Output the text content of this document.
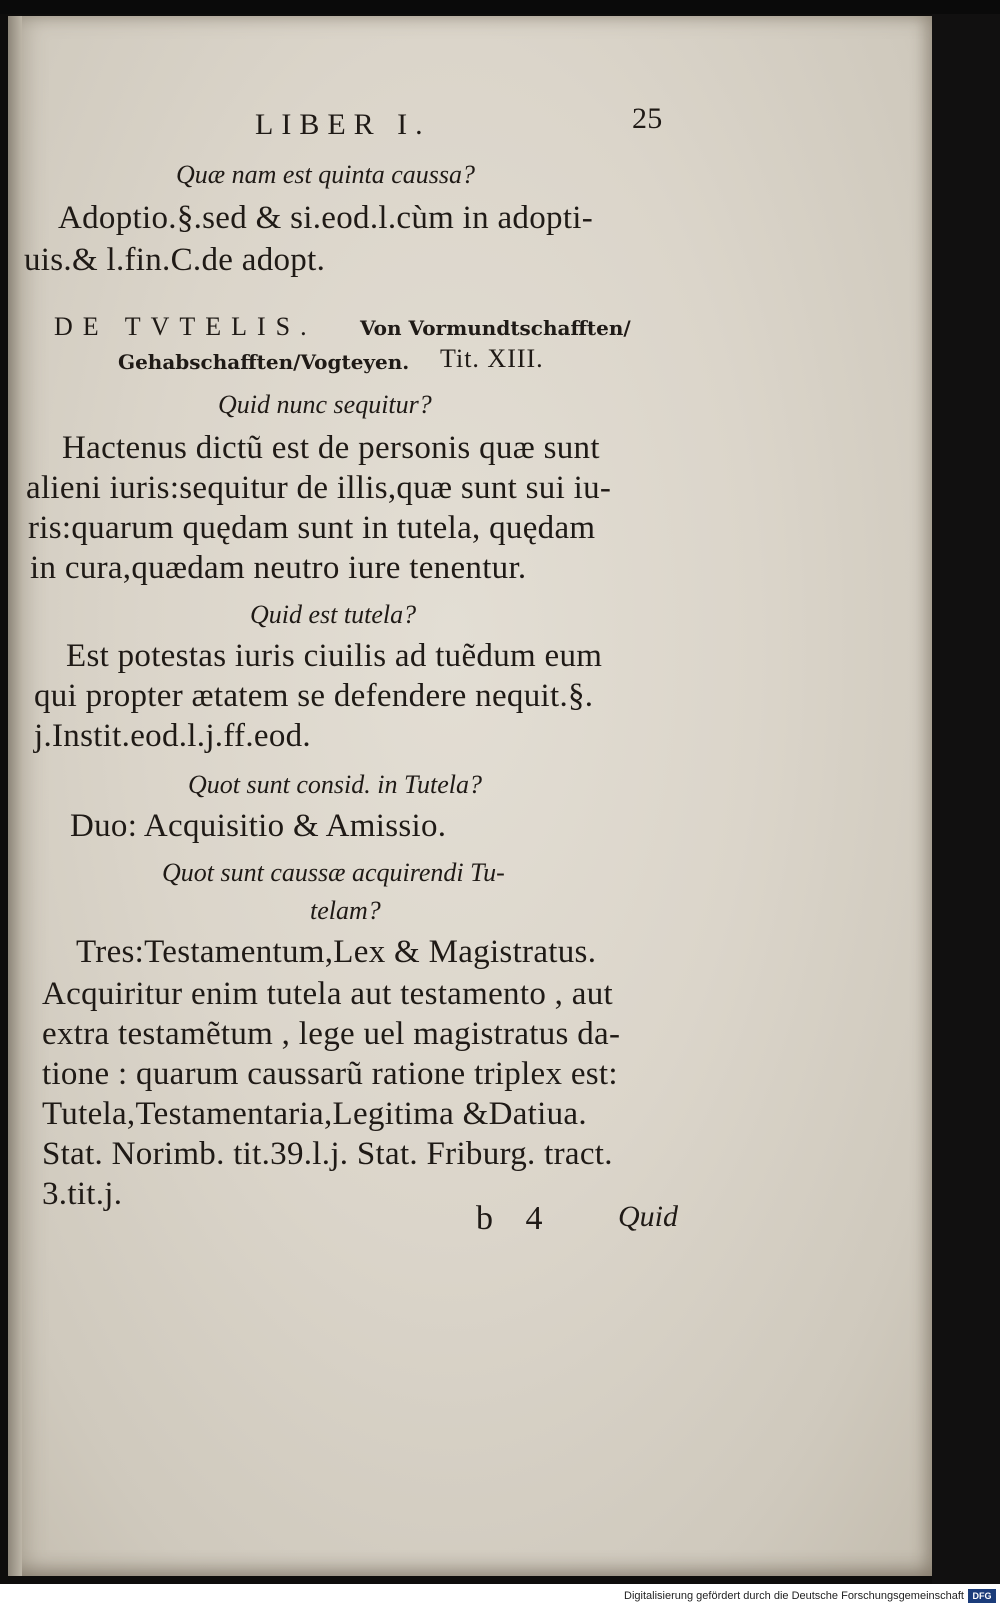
LIBER I.	25
Quæ nam est quinta caussa?
Adoptio.§.sed & si.eod.l.cùm in adopti-
uis.& l.fin.C.de adopt.
DE TVTELIS. Von Vormundtschafften/
Gehabschafften/Vogteyen. Tit. XIII.
Quid nunc sequitur?
Hactenus dictũ est de personis quæ sunt
alieni iuris:sequitur de illis,quæ sunt sui iu-
ris:quarum quędam sunt in tutela, quędam
in cura,quædam neutro iure tenentur.
Quid est tutela?
Est potestas iuris ciuilis ad tuẽdum eum
qui propter ætatem se defendere nequit.§.
j.Instit.eod.l.j.ff.eod.
Quot sunt consid. in Tutela?
Duo: Acquisitio & Amissio.
Quot sunt caussæ acquirendi Tu-
telam?
Tres:Testamentum,Lex & Magistratus.
Acquiritur enim tutela aut testamento , aut
extra testamẽtum , lege uel magistratus da-
tione : quarum caussarũ ratione triplex est:
Tutela,Testamentaria,Legitima &Datiua.
Stat. Norimb. tit.39.l.j. Stat. Friburg. tract.
3.tit.j.
b 4 Quid
Digitalisierung gefördert durch die Deutsche Forschungsgemeinschaft DFG
